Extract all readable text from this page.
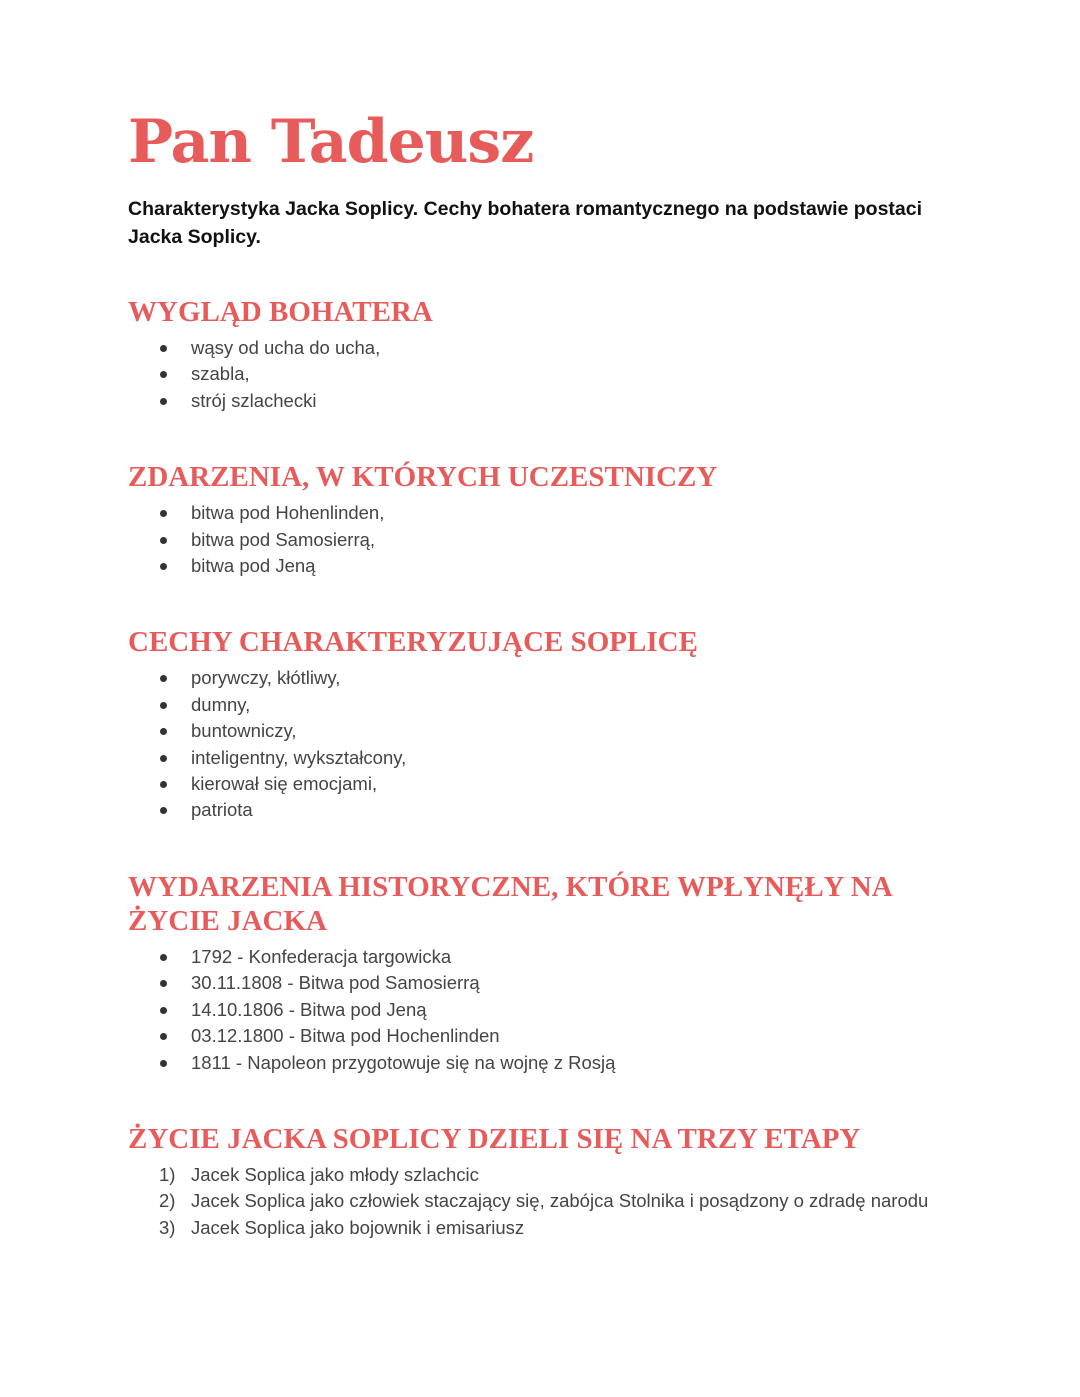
Pan Tadeusz

Charakterystyka Jacka Soplicy. Cechy bohatera romantycznego na podstawie postaci Jacka Soplicy.

WYGLĄD BOHATERA
wąsy od ucha do ucha,
szabla,
strój szlachecki
ZDARZENIA, W KTÓRYCH UCZESTNICZY
bitwa pod Hohenlinden,
bitwa pod Samosierrą,
bitwa pod Jeną
CECHY CHARAKTERYZUJĄCE SOPLICĘ
porywczy, kłótliwy,
dumny,
buntowniczy,
inteligentny, wykształcony,
kierował się emocjami,
patriota
WYDARZENIA HISTORYCZNE, KTÓRE WPŁYNĘŁY NA ŻYCIE JACKA
1792 - Konfederacja targowicka
30.11.1808 - Bitwa pod Samosierrą
14.10.1806 - Bitwa pod Jeną
03.12.1800 - Bitwa pod Hochenlinden
1811 - Napoleon przygotowuje się na wojnę z Rosją
ŻYCIE JACKA SOPLICY DZIELI SIĘ NA TRZY ETAPY
1) Jacek Soplica jako młody szlachcic
2) Jacek Soplica jako człowiek staczający się, zabójca Stolnika i posądzony o zdradę narodu
3) Jacek Soplica jako bojownik i emisariusz
